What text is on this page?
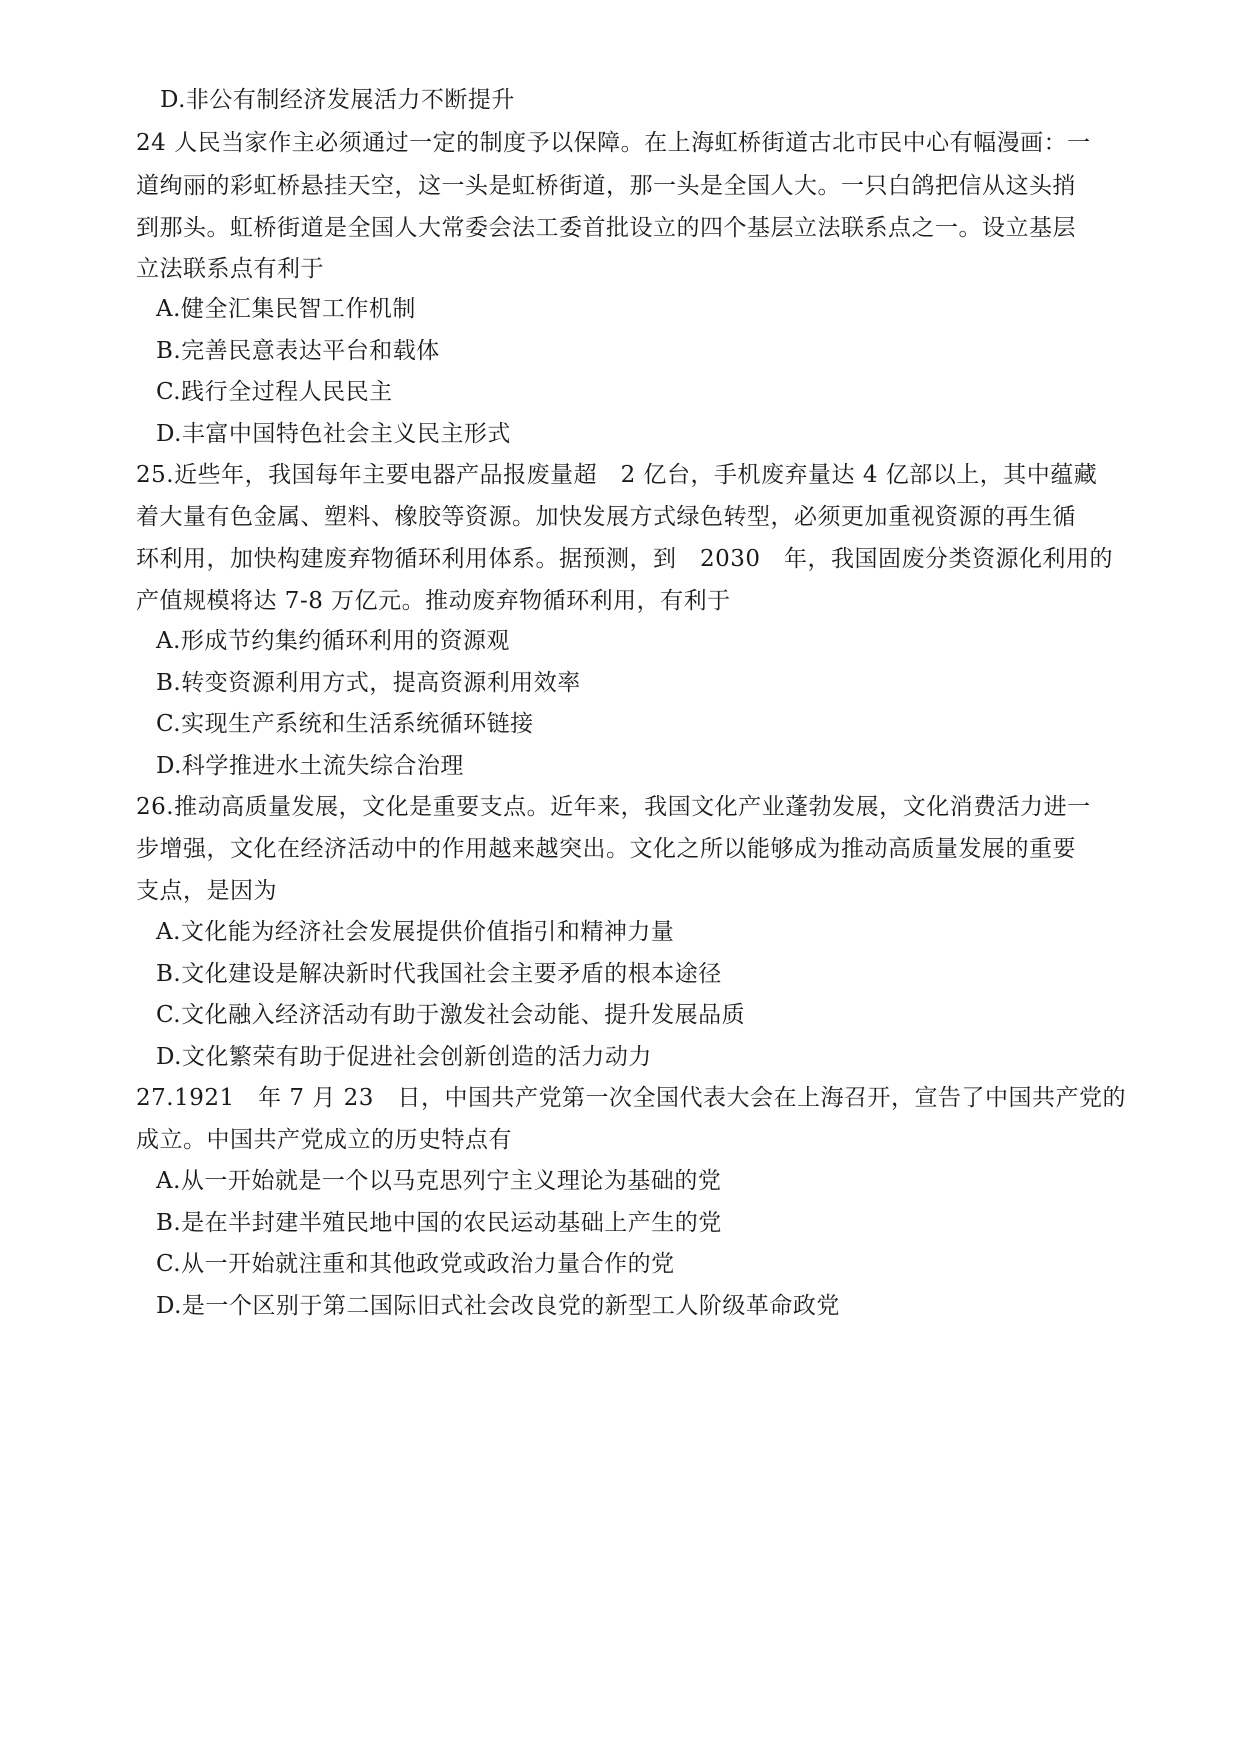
D.非公有制经济发展活力不断提升
24 人民当家作主必须通过一定的制度予以保障。在上海虹桥街道古北市民中心有幅漫画：一
道绚丽的彩虹桥悬挂天空，这一头是虹桥街道，那一头是全国人大。一只白鸽把信从这头捎
到那头。虹桥街道是全国人大常委会法工委首批设立的四个基层立法联系点之一。设立基层
立法联系点有利于
A.健全汇集民智工作机制
B.完善民意表达平台和载体
C.践行全过程人民民主
D.丰富中国特色社会主义民主形式
25.近些年，我国每年主要电器产品报废量超　2 亿台，手机废弃量达 4 亿部以上，其中蕴藏
着大量有色金属、塑料、橡胶等资源。加快发展方式绿色转型，必须更加重视资源的再生循
环利用，加快构建废弃物循环利用体系。据预测，到　2030　年，我国固废分类资源化利用的
产值规模将达 7-8 万亿元。推动废弃物循环利用，有利于
A.形成节约集约循环利用的资源观
B.转变资源利用方式，提高资源利用效率
C.实现生产系统和生活系统循环链接
D.科学推进水土流失综合治理
26.推动高质量发展，文化是重要支点。近年来，我国文化产业蓬勃发展，文化消费活力进一
步增强，文化在经济活动中的作用越来越突出。文化之所以能够成为推动高质量发展的重要
支点，是因为
A.文化能为经济社会发展提供价值指引和精神力量
B.文化建设是解决新时代我国社会主要矛盾的根本途径
C.文化融入经济活动有助于激发社会动能、提升发展品质
D.文化繁荣有助于促进社会创新创造的活力动力
27.1921　年 7 月 23　日，中国共产党第一次全国代表大会在上海召开，宣告了中国共产党的
成立。中国共产党成立的历史特点有
A.从一开始就是一个以马克思列宁主义理论为基础的党
B.是在半封建半殖民地中国的农民运动基础上产生的党
C.从一开始就注重和其他政党或政治力量合作的党
D.是一个区别于第二国际旧式社会改良党的新型工人阶级革命政党
